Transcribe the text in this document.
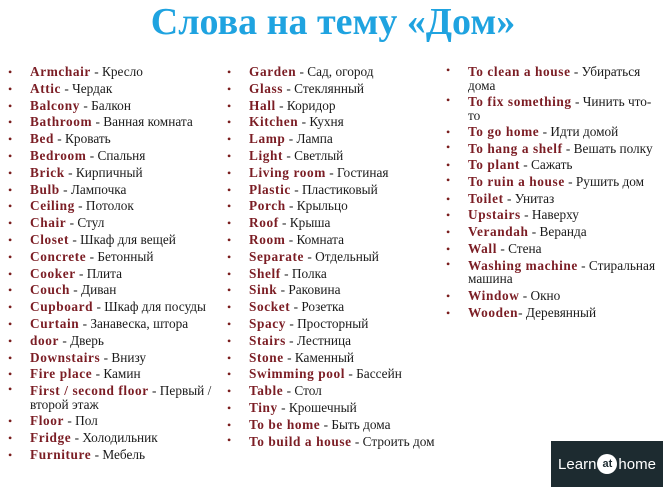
Слова на тему «Дом»
• Armchair - Кресло
• Attic - Чердак
• Balcony - Балкон
• Bathroom - Ванная комната
• Bed - Кровать
• Bedroom - Спальня
• Brick - Кирпичный
• Bulb - Лампочка
• Ceiling - Потолок
• Chair - Стул
• Closet - Шкаф для вещей
• Concrete - Бетонный
• Cooker - Плита
• Couch - Диван
• Cupboard - Шкаф для посуды
• Curtain - Занавеска, штора
• door - Дверь
• Downstairs - Внизу
• Fire place - Камин
• First / second floor - Первый / второй этаж
• Floor - Пол
• Fridge - Холодильник
• Furniture - Мебель
• Garden - Сад, огород
• Glass - Стеклянный
• Hall - Коридор
• Kitchen - Кухня
• Lamp - Лампа
• Light - Светлый
• Living room - Гостиная
• Plastic - Пластиковый
• Porch - Крыльцо
• Roof - Крыша
• Room - Комната
• Separate - Отдельный
• Shelf - Полка
• Sink - Раковина
• Socket - Розетка
• Spacy - Просторный
• Stairs - Лестница
• Stone - Каменный
• Swimming pool - Бассейн
• Table - Стол
• Tiny - Крошечный
• To be home - Быть дома
• To build a house - Строить дом
• To clean a house - Убираться дома
• To fix something - Чинить что-то
• To go home - Идти домой
• To hang a shelf - Вешать полку
• To plant - Сажать
• To ruin a house - Рушить дом
• Toilet - Унитаз
• Upstairs - Наверху
• Verandah - Веранда
• Wall - Стена
• Washing machine - Стиральная машина
• Window - Окно
• Wooden- Деревянный
Learn at home
